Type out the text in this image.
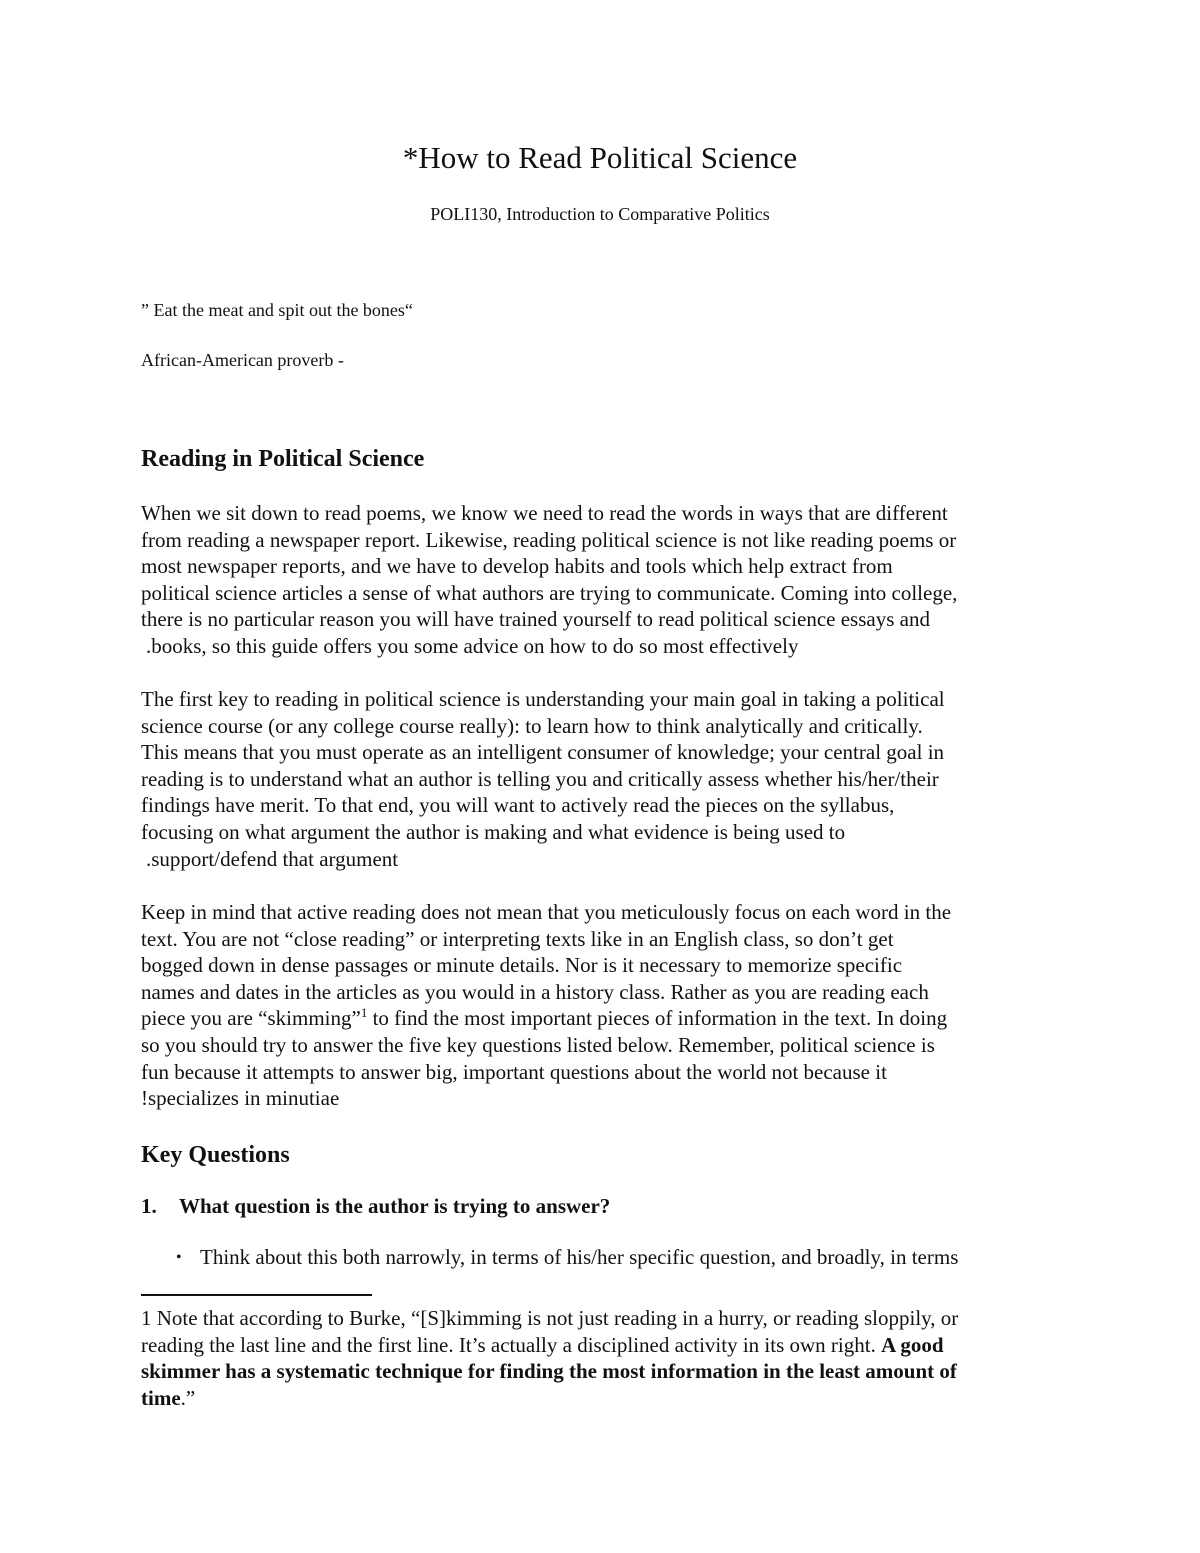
*How to Read Political Science

POLI130, Introduction to Comparative Politics

” Eat the meat and spit out the bones“

African-American proverb -

Reading in Political Science

When we sit down to read poems, we know we need to read the words in ways that are different
from reading a newspaper report. Likewise, reading political science is not like reading poems or
most newspaper reports, and we have to develop habits and tools which help extract from
political science articles a sense of what authors are trying to communicate. Coming into college,
there is no particular reason you will have trained yourself to read political science essays and
.books, so this guide offers you some advice on how to do so most effectively

The first key to reading in political science is understanding your main goal in taking a political
science course (or any college course really): to learn how to think analytically and critically.
This means that you must operate as an intelligent consumer of knowledge; your central goal in
reading is to understand what an author is telling you and critically assess whether his/her/their
findings have merit. To that end, you will want to actively read the pieces on the syllabus,
focusing on what argument the author is making and what evidence is being used to
.support/defend that argument

Keep in mind that active reading does not mean that you meticulously focus on each word in the
text. You are not “close reading” or interpreting texts like in an English class, so don’t get
bogged down in dense passages or minute details. Nor is it necessary to memorize specific
names and dates in the articles as you would in a history class. Rather as you are reading each
piece you are “skimming”$^1$ to find the most important pieces of information in the text. In doing
so you should try to answer the five key questions listed below. Remember, political science is
fun because it attempts to answer big, important questions about the world not because it
!specializes in minutiae

Key Questions

1. What question is the author is trying to answer?

• Think about this both narrowly, in terms of his/her specific question, and broadly, in terms

1 Note that according to Burke, “[S]kimming is not just reading in a hurry, or reading sloppily, or
reading the last line and the first line. It’s actually a disciplined activity in its own right. A good
skimmer has a systematic technique for finding the most information in the least amount of
time.”
